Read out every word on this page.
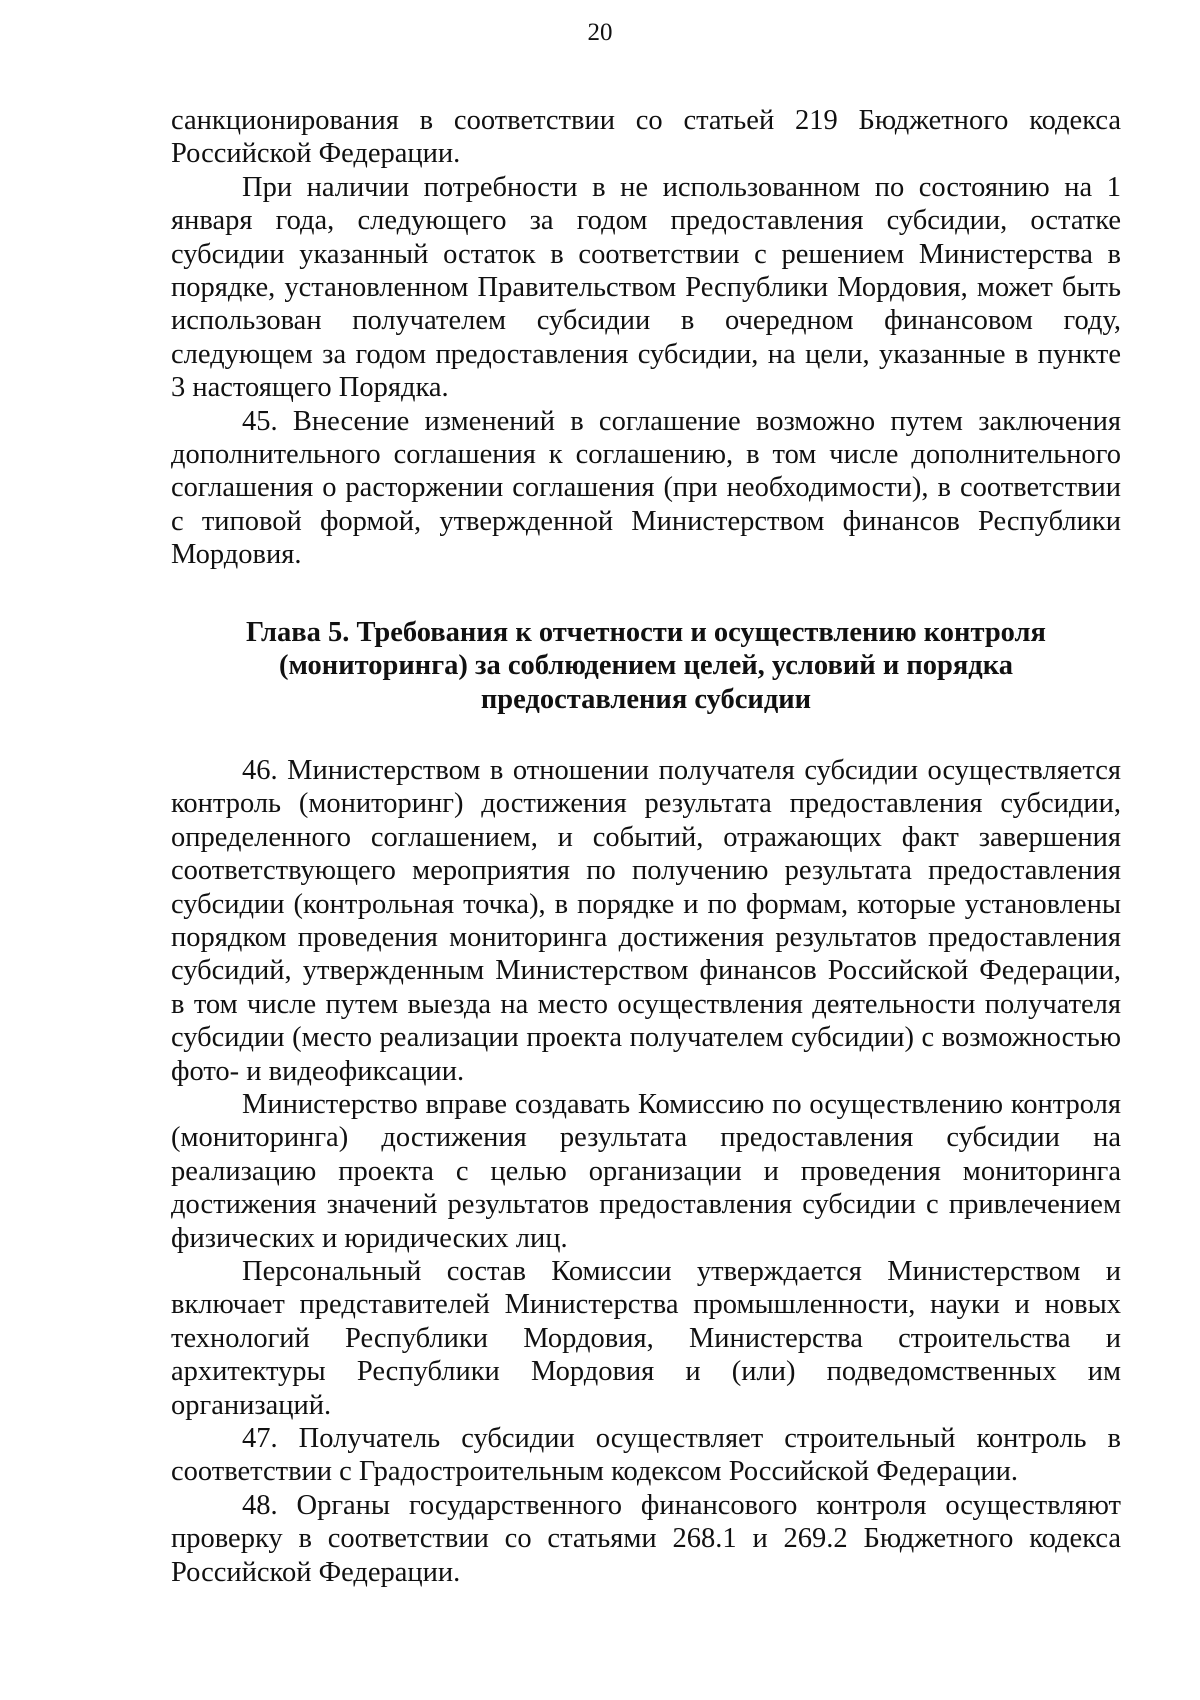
20

санкционирования в соответствии со статьей 219 Бюджетного кодекса Российской Федерации.

При наличии потребности в не использованном по состоянию на 1 января года, следующего за годом предоставления субсидии, остатке субсидии указанный остаток в соответствии с решением Министерства в порядке, установленном Правительством Республики Мордовия, может быть использован получателем субсидии в очередном финансовом году, следующем за годом предоставления субсидии, на цели, указанные в пункте 3 настоящего Порядка.

45. Внесение изменений в соглашение возможно путем заключения дополнительного соглашения к соглашению, в том числе дополнительного соглашения о расторжении соглашения (при необходимости), в соответствии с типовой формой, утвержденной Министерством финансов Республики Мордовия.

Глава 5. Требования к отчетности и осуществлению контроля
(мониторинга) за соблюдением целей, условий и порядка
предоставления субсидии

46. Министерством в отношении получателя субсидии осуществляется контроль (мониторинг) достижения результата предоставления субсидии, определенного соглашением, и событий, отражающих факт завершения соответствующего мероприятия по получению результата предоставления субсидии (контрольная точка), в порядке и по формам, которые установлены порядком проведения мониторинга достижения результатов предоставления субсидий, утвержденным Министерством финансов Российской Федерации, в том числе путем выезда на место осуществления деятельности получателя субсидии (место реализации проекта получателем субсидии) с возможностью фото- и видеофиксации.

Министерство вправе создавать Комиссию по осуществлению контроля (мониторинга) достижения результата предоставления субсидии на реализацию проекта с целью организации и проведения мониторинга достижения значений результатов предоставления субсидии с привлечением физических и юридических лиц.

Персональный состав Комиссии утверждается Министерством и включает представителей Министерства промышленности, науки и новых технологий Республики Мордовия, Министерства строительства и архитектуры Республики Мордовия и (или) подведомственных им организаций.

47. Получатель субсидии осуществляет строительный контроль в соответствии с Градостроительным кодексом Российской Федерации.

48. Органы государственного финансового контроля осуществляют проверку в соответствии со статьями 268.1 и 269.2 Бюджетного кодекса Российской Федерации.
